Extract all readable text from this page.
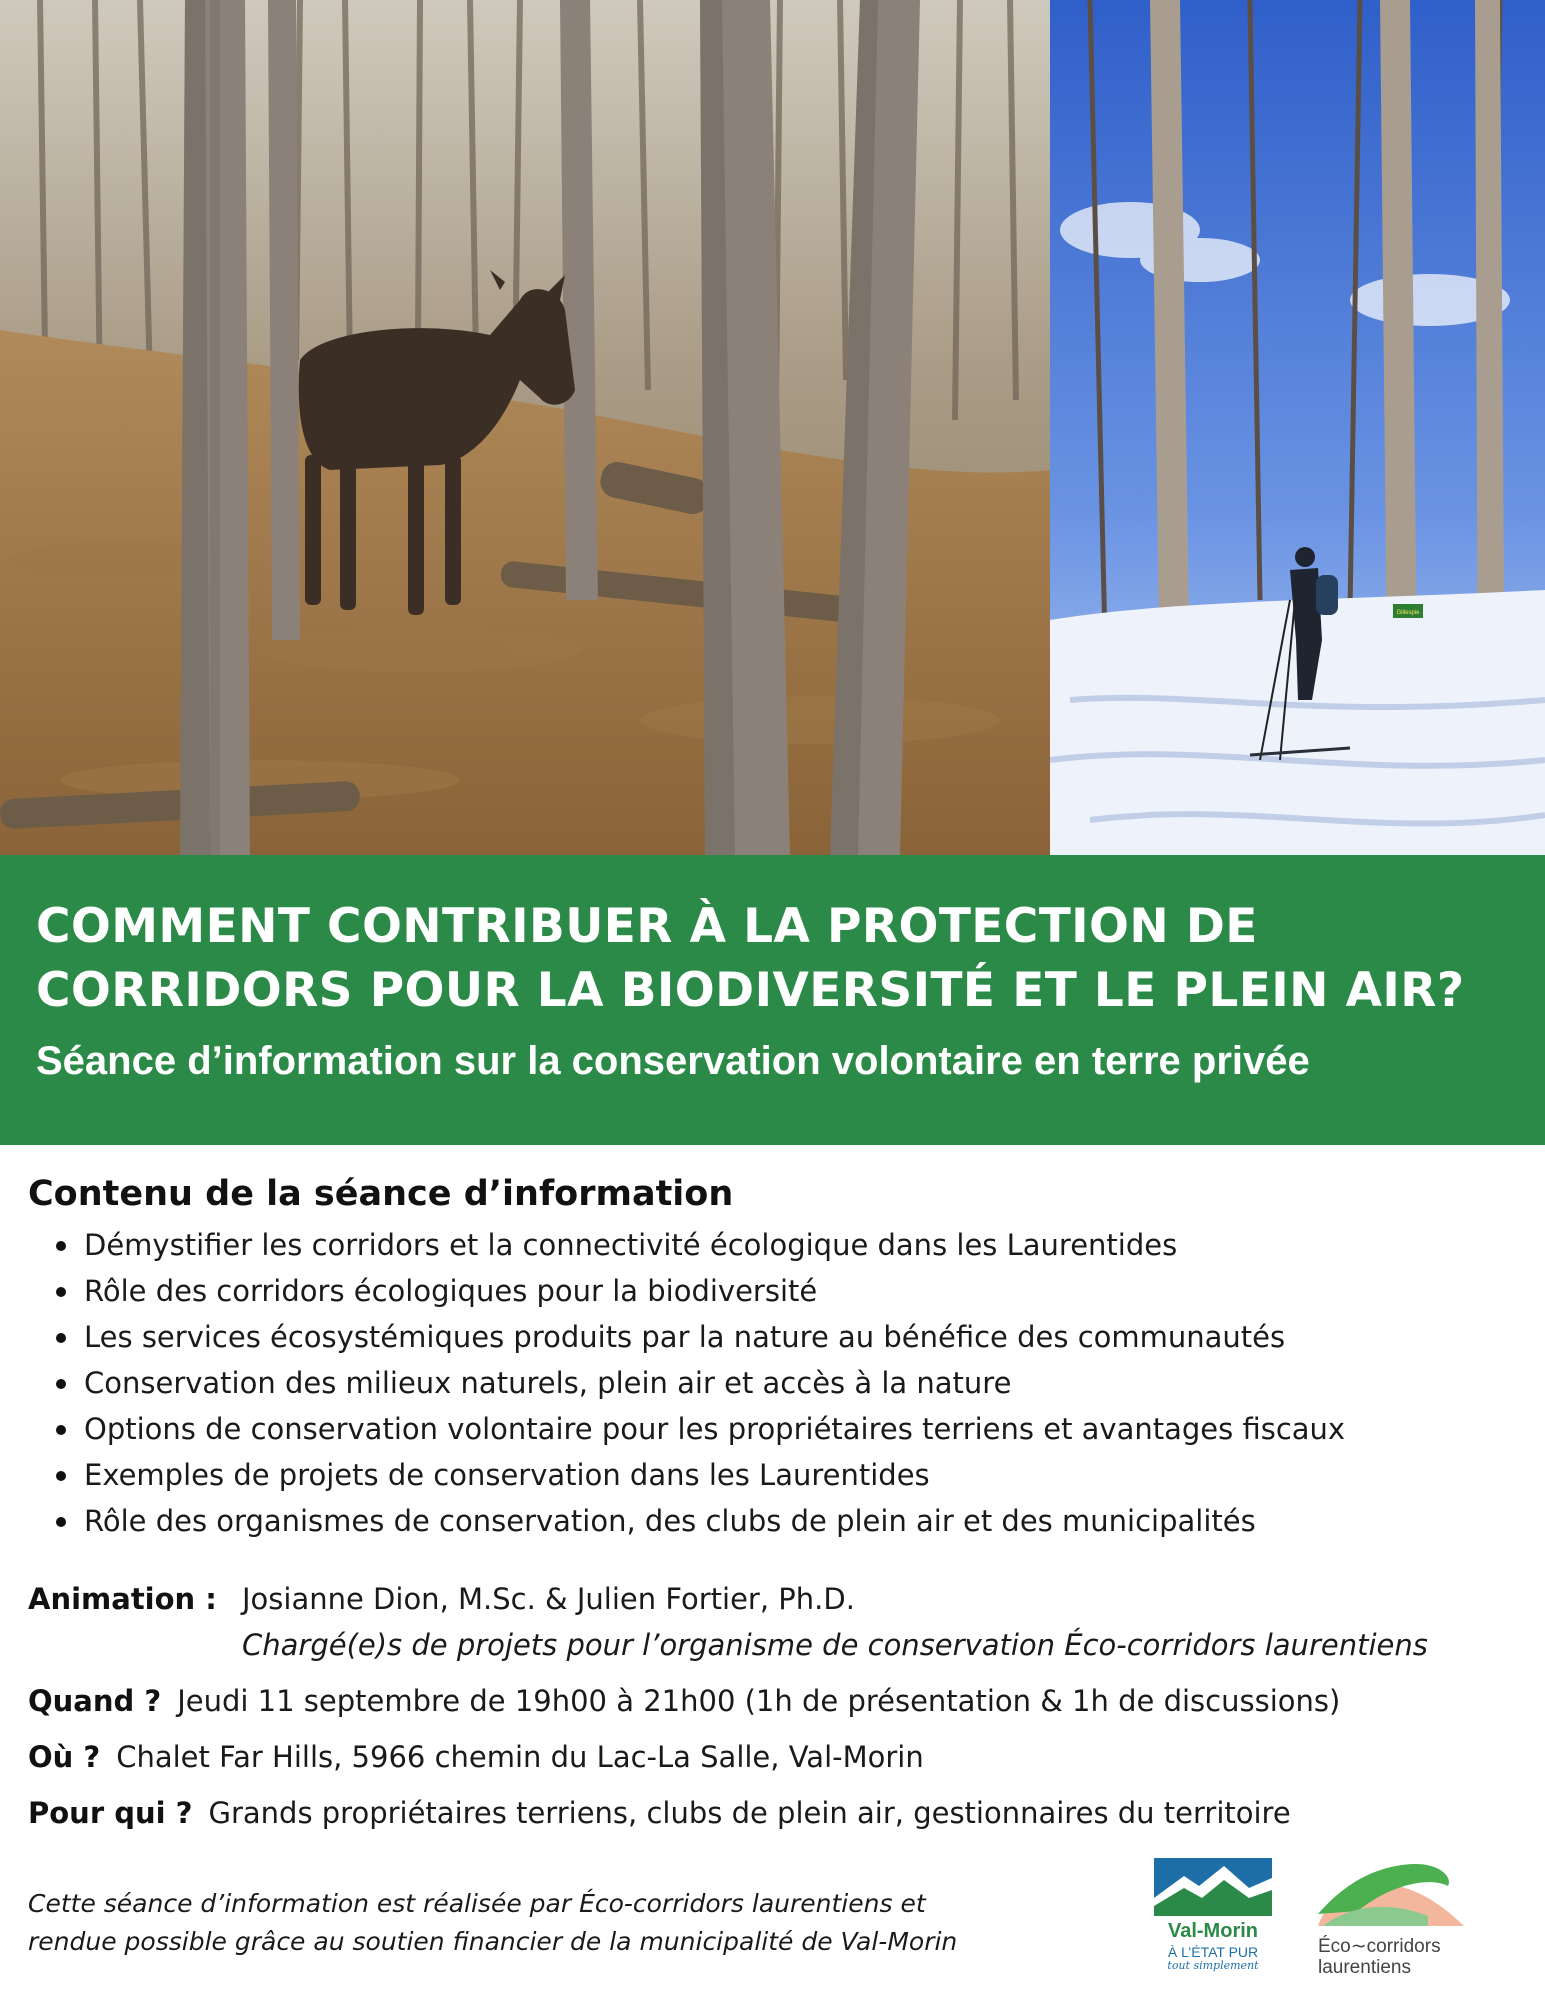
Gillespie
COMMENT CONTRIBUER À LA PROTECTION DE
CORRIDORS POUR LA BIODIVERSITÉ ET LE PLEIN AIR?
Séance d’information sur la conservation volontaire en terre privée
Contenu de la séance d’information
Démystifier les corridors et la connectivité écologique dans les Laurentides
Rôle des corridors écologiques pour la biodiversité
Les services écosystémiques produits par la nature au bénéfice des communautés
Conservation des milieux naturels, plein air et accès à la nature
Options de conservation volontaire pour les propriétaires terriens et avantages fiscaux
Exemples de projets de conservation dans les Laurentides
Rôle des organismes de conservation, des clubs de plein air et des municipalités
Animation : Josianne Dion, M.Sc. & Julien Fortier, Ph.D.
Chargé(e)s de projets pour l’organisme de conservation Éco-corridors laurentiens
Quand ? Jeudi 11 septembre de 19h00 à 21h00 (1h de présentation & 1h de discussions)
Où ? Chalet Far Hills, 5966 chemin du Lac-La Salle, Val-Morin
Pour qui ? Grands propriétaires terriens, clubs de plein air, gestionnaires du territoire
Cette séance d’information est réalisée par Éco-corridors laurentiens et
rendue possible grâce au soutien financier de la municipalité de Val-Morin	Val-Morin
À L’ÉTAT PUR
tout simplement
Éco∼corridors
laurentiens
